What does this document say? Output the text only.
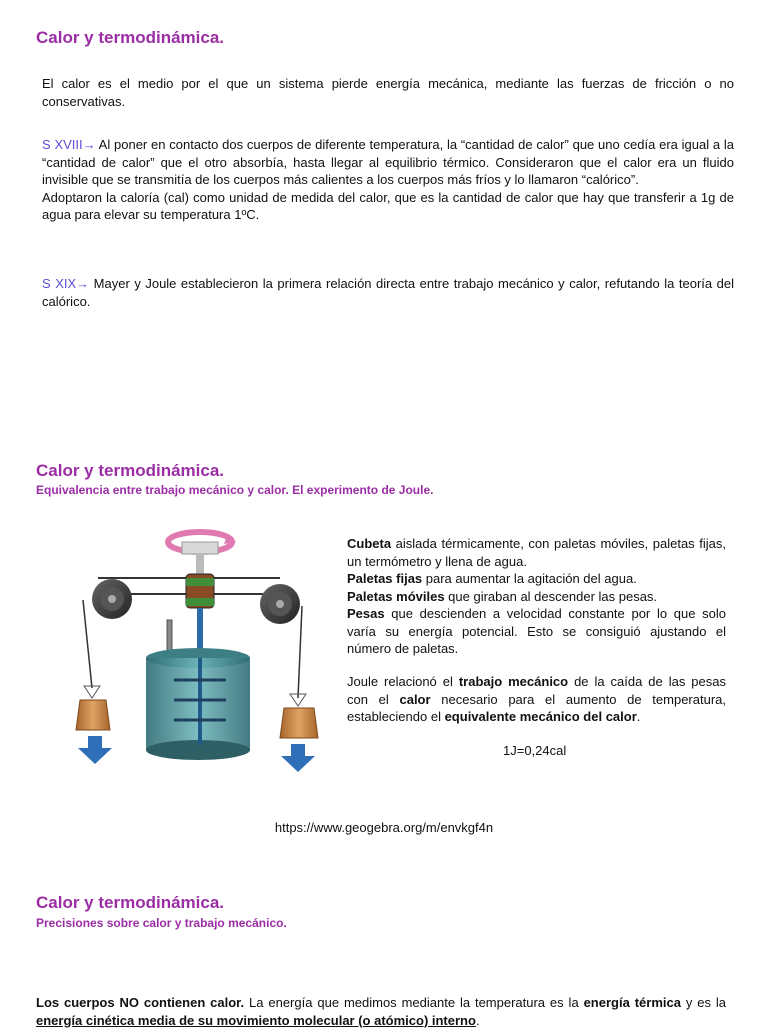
Calor y termodinámica.
El calor es el medio por el que un sistema pierde energía mecánica, mediante las fuerzas de fricción o no conservativas.
S XVIII→ Al poner en contacto dos cuerpos de diferente temperatura, la “cantidad de calor” que uno cedía era igual a la “cantidad de calor” que el otro absorbía, hasta llegar al equilibrio térmico. Consideraron que el calor era un fluido invisible que se transmitía de los cuerpos más calientes a los cuerpos más fríos y lo llamaron “calórico”.
Adoptaron la caloría (cal) como unidad de medida del calor, que es la cantidad de calor que hay que transferir a 1g de agua para elevar su temperatura 1ºC.
S XIX→ Mayer y Joule establecieron la primera relación directa entre trabajo mecánico y calor, refutando la teoría del calórico.
Calor y termodinámica.
Equivalencia entre trabajo mecánico y calor. El experimento de Joule.

Cubeta aislada térmicamente, con paletas móviles, paletas fijas, un termómetro y llena de agua.

Paletas fijas para aumentar la agitación del agua.

Paletas móviles que giraban al descender las pesas.

Pesas que descienden a velocidad constante por lo que solo varía su energía potencial. Esto se consiguió ajustando el número de paletas.

Joule relacionó el trabajo mecánico de la caída de las pesas con el calor necesario para el aumento de temperatura, estableciendo el equivalente mecánico del calor.
1J=0,24cal
https://www.geogebra.org/m/envkgf4n
Calor y termodinámica.
Precisiones sobre calor y trabajo mecánico.
Los cuerpos NO contienen calor. La energía que medimos mediante la temperatura es la energía térmica y es la energía cinética media de su movimiento molecular (o atómico) interno.
